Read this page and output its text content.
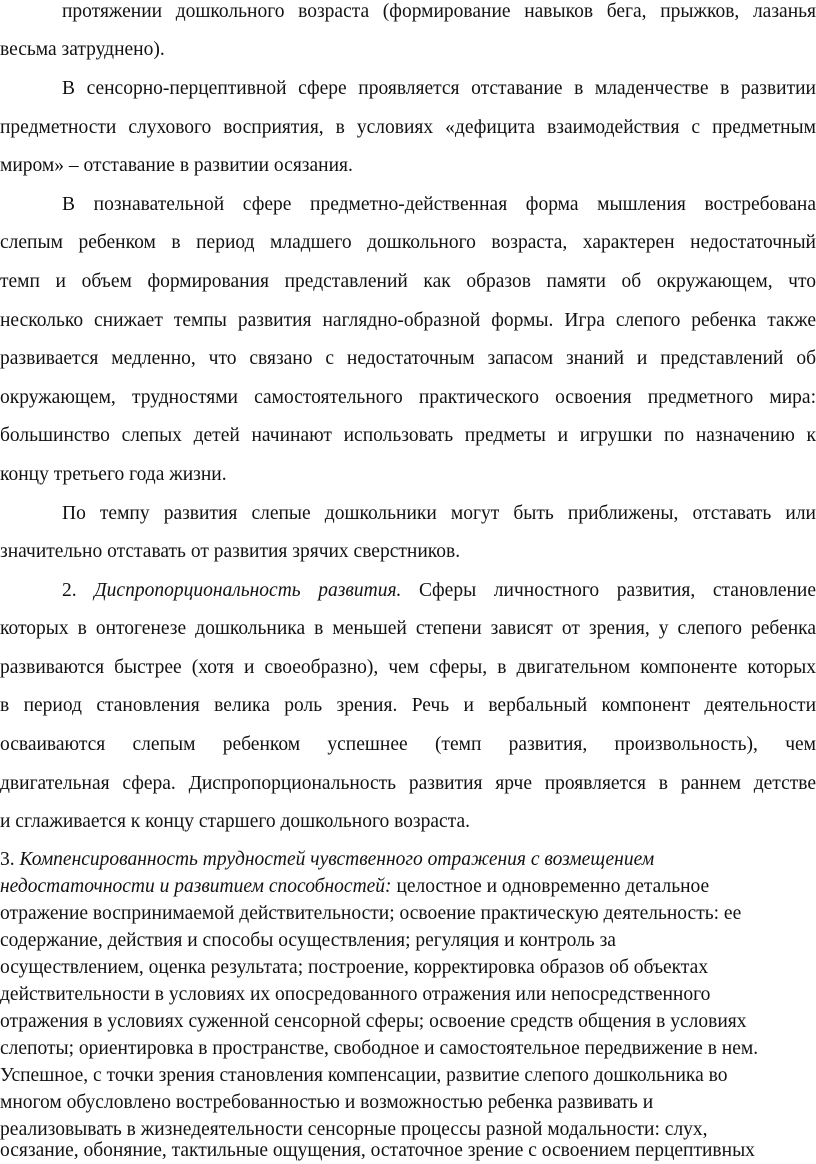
протяжении дошкольного возраста (формирование навыков бега, прыжков, лазанья
весьма затруднено).
В сенсорно-перцептивной сфере проявляется отставание в младенчестве в развитии
предметности слухового восприятия, в условиях «дефицита взаимодействия с предметным
миром» – отставание в развитии осязания.
В познавательной сфере предметно-действенная форма мышления востребована
слепым ребенком в период младшего дошкольного возраста, характерен недостаточный
темп и объем формирования представлений как образов памяти об окружающем, что
несколько снижает темпы развития наглядно-образной формы. Игра слепого ребенка также
развивается медленно, что связано с недостаточным запасом знаний и представлений об
окружающем, трудностями самостоятельного практического освоения предметного мира:
большинство слепых детей начинают использовать предметы и игрушки по назначению к
концу третьего года жизни.
По темпу развития слепые дошкольники могут быть приближены, отставать или
значительно отставать от развития зрячих сверстников.
2. Диспропорциональность развития. Сферы личностного развития, становление
которых в онтогенезе дошкольника в меньшей степени зависят от зрения, у слепого ребенка
развиваются быстрее (хотя и своеобразно), чем сферы, в двигательном компоненте которых
в период становления велика роль зрения. Речь и вербальный компонент деятельности
осваиваются слепым ребенком успешнее (темп развития, произвольность), чем
двигательная сфера. Диспропорциональность развития ярче проявляется в раннем детстве
и сглаживается к концу старшего дошкольного возраста.
3. Компенсированность трудностей чувственного отражения с возмещением
недостаточности и развитием способностей: целостное и одновременно детальное
отражение воспринимаемой действительности; освоение практическую деятельность: ее
содержание, действия и способы осуществления; регуляция и контроль за
осуществлением, оценка результата; построение, корректировка образов об объектах
действительности в условиях их опосредованного отражения или непосредственного
отражения в условиях суженной сенсорной сферы; освоение средств общения в условиях
слепоты; ориентировка в пространстве, свободное и самостоятельное передвижение в нем.
Успешное, с точки зрения становления компенсации, развитие слепого дошкольника во
многом обусловлено востребованностью и возможностью ребенка развивать и
реализовывать в жизнедеятельности сенсорные процессы разной модальности: слух,
осязание, обоняние, тактильные ощущения, остаточное зрение с освоением перцептивных
